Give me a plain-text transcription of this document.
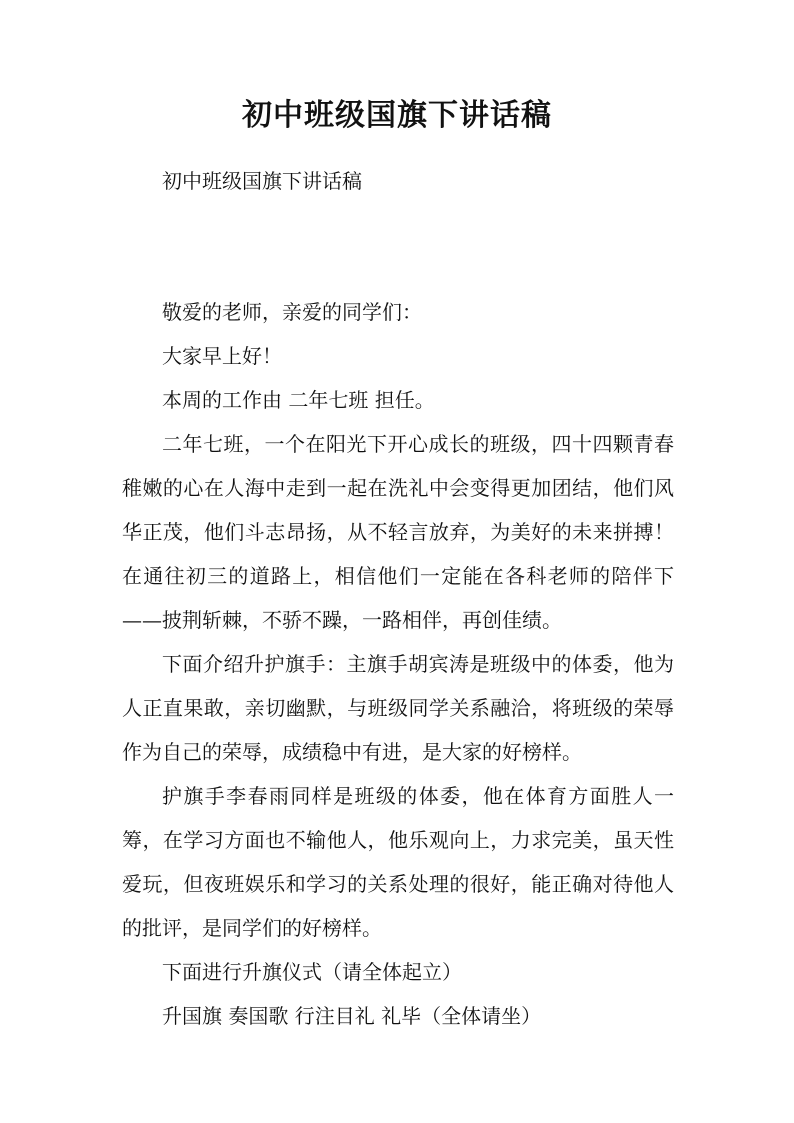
初中班级国旗下讲话稿

初中班级国旗下讲话稿

敬爱的老师，亲爱的同学们：

大家早上好！

本周的工作由 二年七班 担任。

二年七班，一个在阳光下开心成长的班级，四十四颗青春稚嫩的心在人海中走到一起在洗礼中会变得更加团结，他们风华正茂，他们斗志昂扬，从不轻言放弃，为美好的未来拼搏！在通往初三的道路上，相信他们一定能在各科老师的陪伴下——披荆斩棘，不骄不躁，一路相伴，再创佳绩。

下面介绍升护旗手：主旗手胡宾涛是班级中的体委，他为人正直果敢，亲切幽默，与班级同学关系融洽，将班级的荣辱作为自己的荣辱，成绩稳中有进，是大家的好榜样。

护旗手李春雨同样是班级的体委，他在体育方面胜人一筹，在学习方面也不输他人，他乐观向上，力求完美，虽天性爱玩，但夜班娱乐和学习的关系处理的很好，能正确对待他人的批评，是同学们的好榜样。

下面进行升旗仪式（请全体起立）

升国旗 奏国歌 行注目礼 礼毕（全体请坐）
